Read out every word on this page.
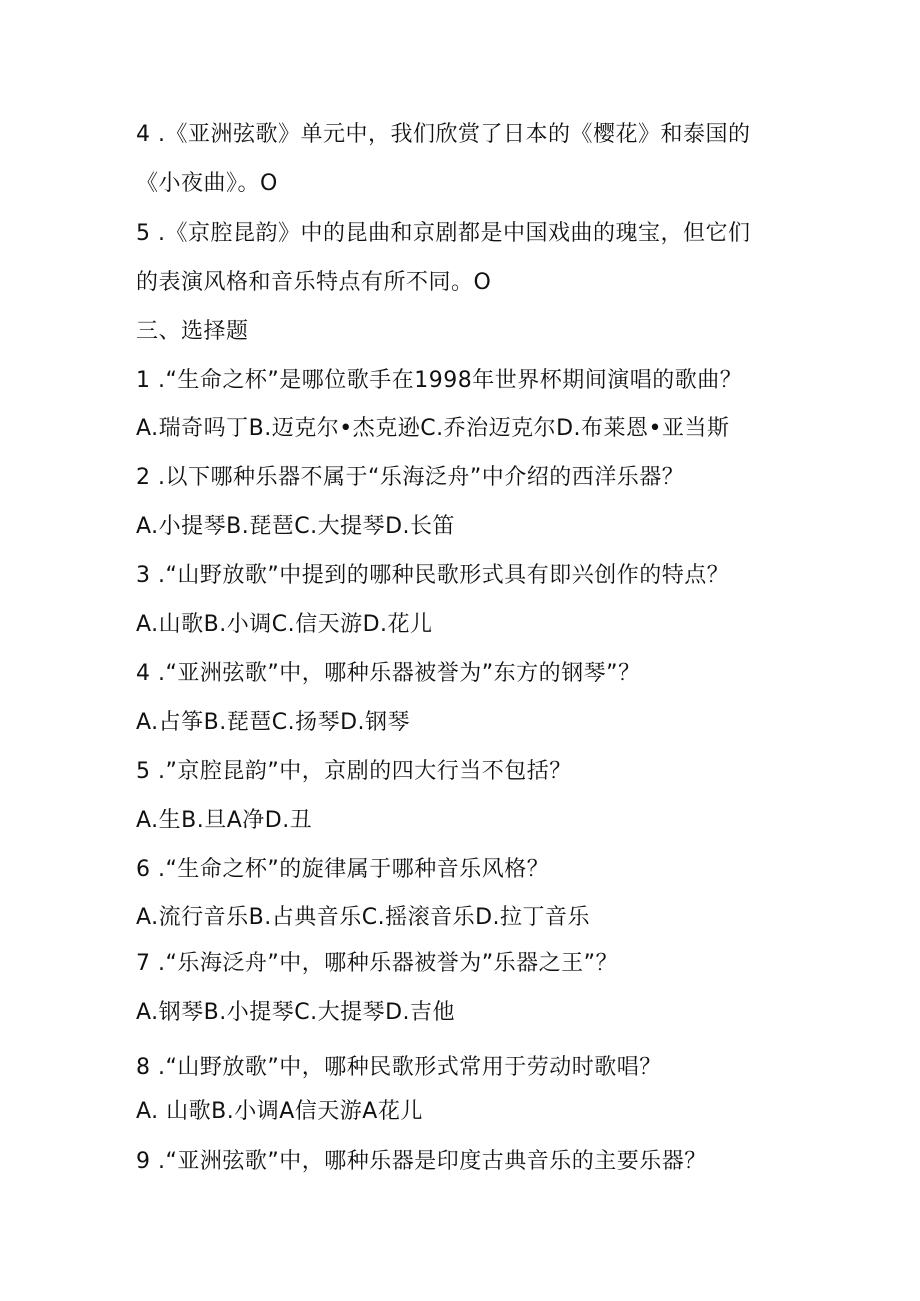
4 .《亚洲弦歌》单元中，我们欣赏了日本的《樱花》和泰国的
《小夜曲》。O
5 .《京腔昆韵》中的昆曲和京剧都是中国戏曲的瑰宝，但它们
的表演风格和音乐特点有所不同。O
三、选择题
1 .“生命之杯”是哪位歌手在1998年世界杯期间演唱的歌曲？
A.瑞奇吗丁B.迈克尔•杰克逊C.乔治迈克尔D.布莱恩•亚当斯
2 .以下哪种乐器不属于“乐海泛舟”中介绍的西洋乐器？
A.小提琴B.琵琶C.大提琴D.长笛
3 .“山野放歌”中提到的哪种民歌形式具有即兴创作的特点？
A.山歌B.小调C.信天游D.花儿
4 .“亚洲弦歌”中，哪种乐器被誉为”东方的钢琴”？
A.占筝B.琵琶C.扬琴D.钢琴
5 .”京腔昆韵”中，京剧的四大行当不包括？
A.生B.旦A净D.丑
6 .“生命之杯”的旋律属于哪种音乐风格？
A.流行音乐B.占典音乐C.摇滚音乐D.拉丁音乐
7 .“乐海泛舟”中，哪种乐器被誉为”乐器之王”？
A.钢琴B.小提琴C.大提琴D.吉他
8 .“山野放歌”中，哪种民歌形式常用于劳动时歌唱？
A. 山歌B.小调A信天游A花儿
9 .“亚洲弦歌”中，哪种乐器是印度古典音乐的主要乐器？
